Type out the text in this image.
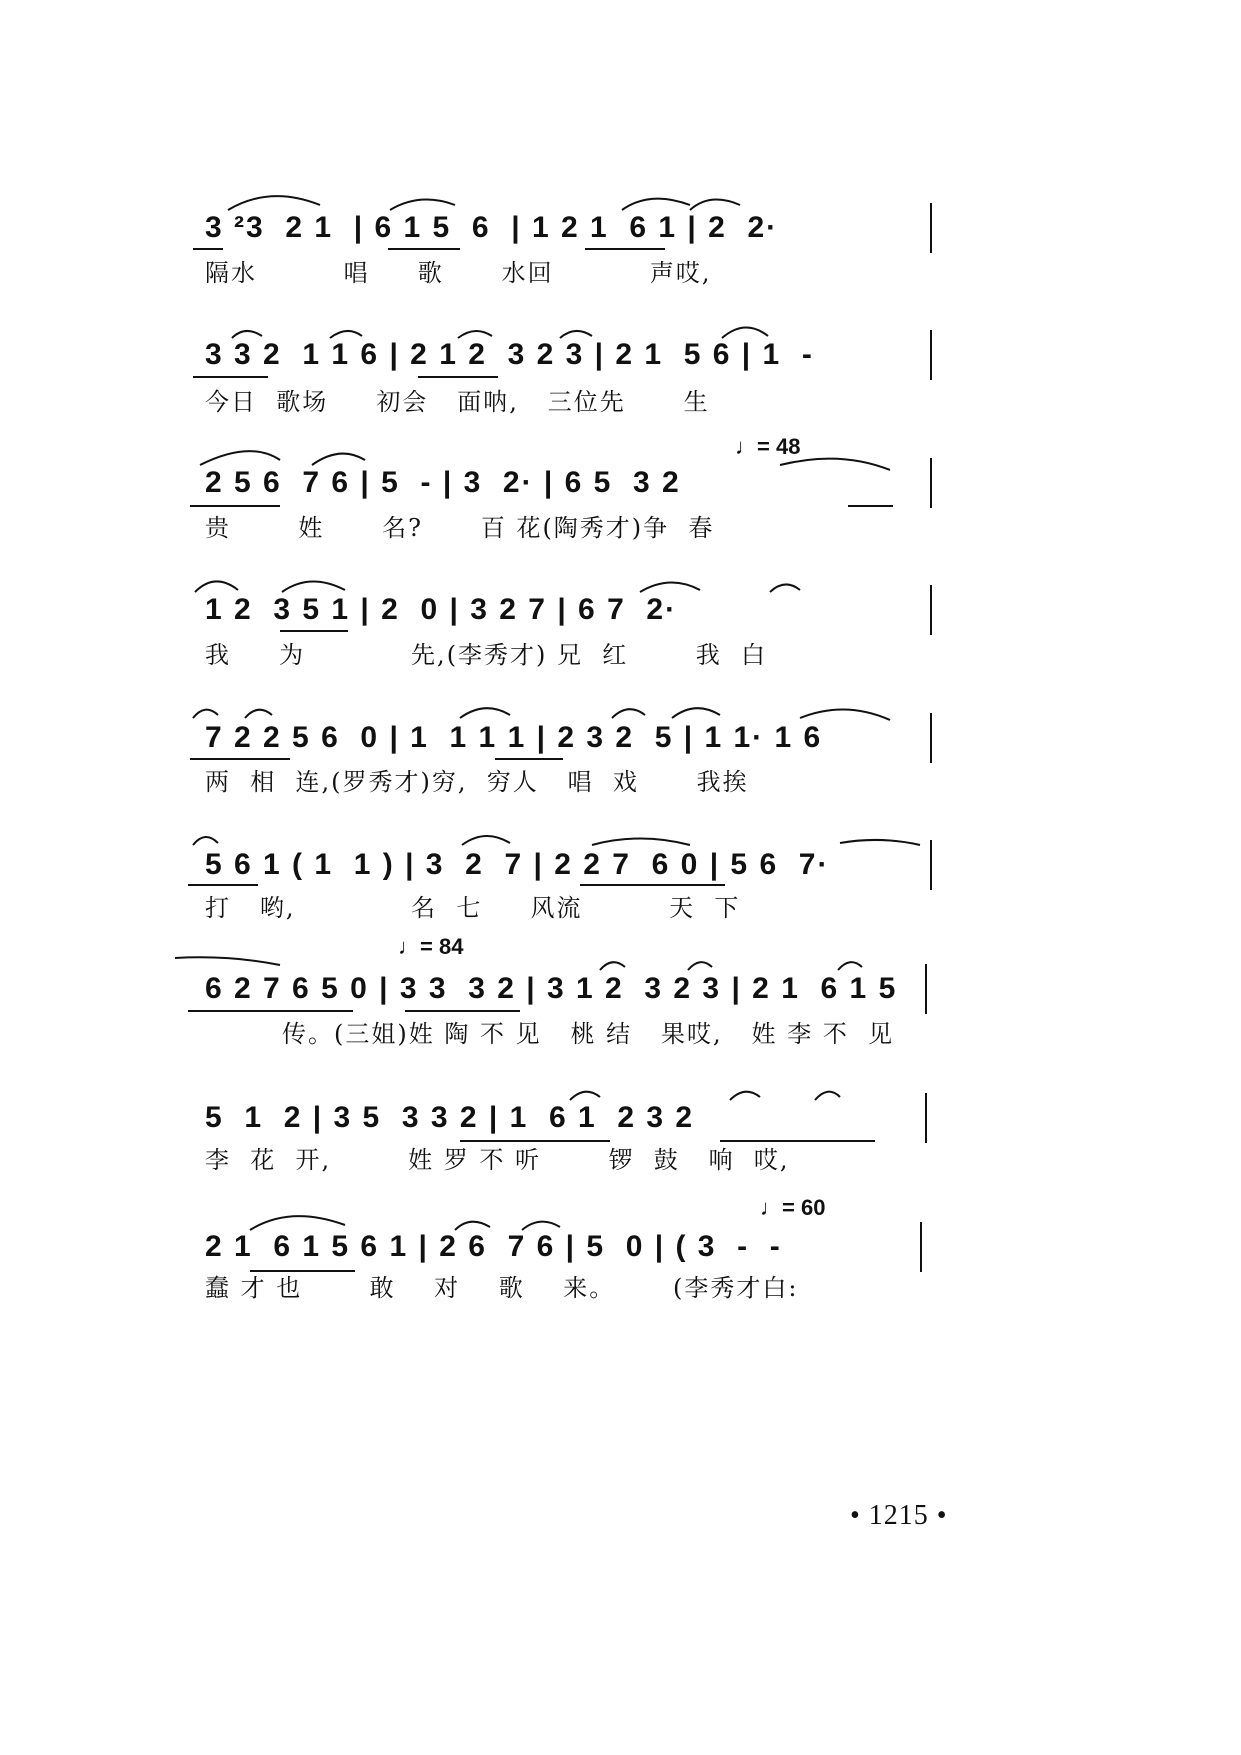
3 ²3  2 1  | 6 1 5  6  | 1 2 1  6 1 | 2  2·
隔水         唱     歌      水回          声哎,
3 3 2  1 1 6 | 2 1 2  3 2 3 | 2 1  5 6 | 1  -
今日  歌场     初会   面呐,   三位先      生
♩= 48
2 5 6  7 6 | 5  - | 3  2· | 6 5  3 2
贵       姓      名?      百 花(陶秀才)争  春
1 2  3 5 1 | 2  0 | 3 2 7 | 6 7  2·
我     为           先,(李秀才) 兄  红       我  白
7 2 2 5 6  0 | 1  1 1 1 | 2 3 2  5 | 1 1· 1 6
两  相  连,(罗秀才)穷,  穷人   唱  戏      我挨
5 6 1 ( 1  1 ) | 3  2  7 | 2 2 7  6 0 | 5 6  7·
打   哟,            名  七     风流         天  下
♩= 84
6 2 7 6 5 0 | 3 3  3 2 | 3 1 2  3 2 3 | 2 1  6 1 5
传。(三姐)姓 陶 不 见   桃 结   果哎,   姓 李 不  见
5  1  2 | 3 5  3 3 2 | 1  6 1  2 3 2
李  花  开,        姓 罗 不 听       锣  鼓   响  哎,
♩= 60
2 1  6 1 5 6 1 | 2 6  7 6 | 5  0 | ( 3  -  -
蠢 才 也       敢    对    歌    来。      (李秀才白:
• 1215 •
